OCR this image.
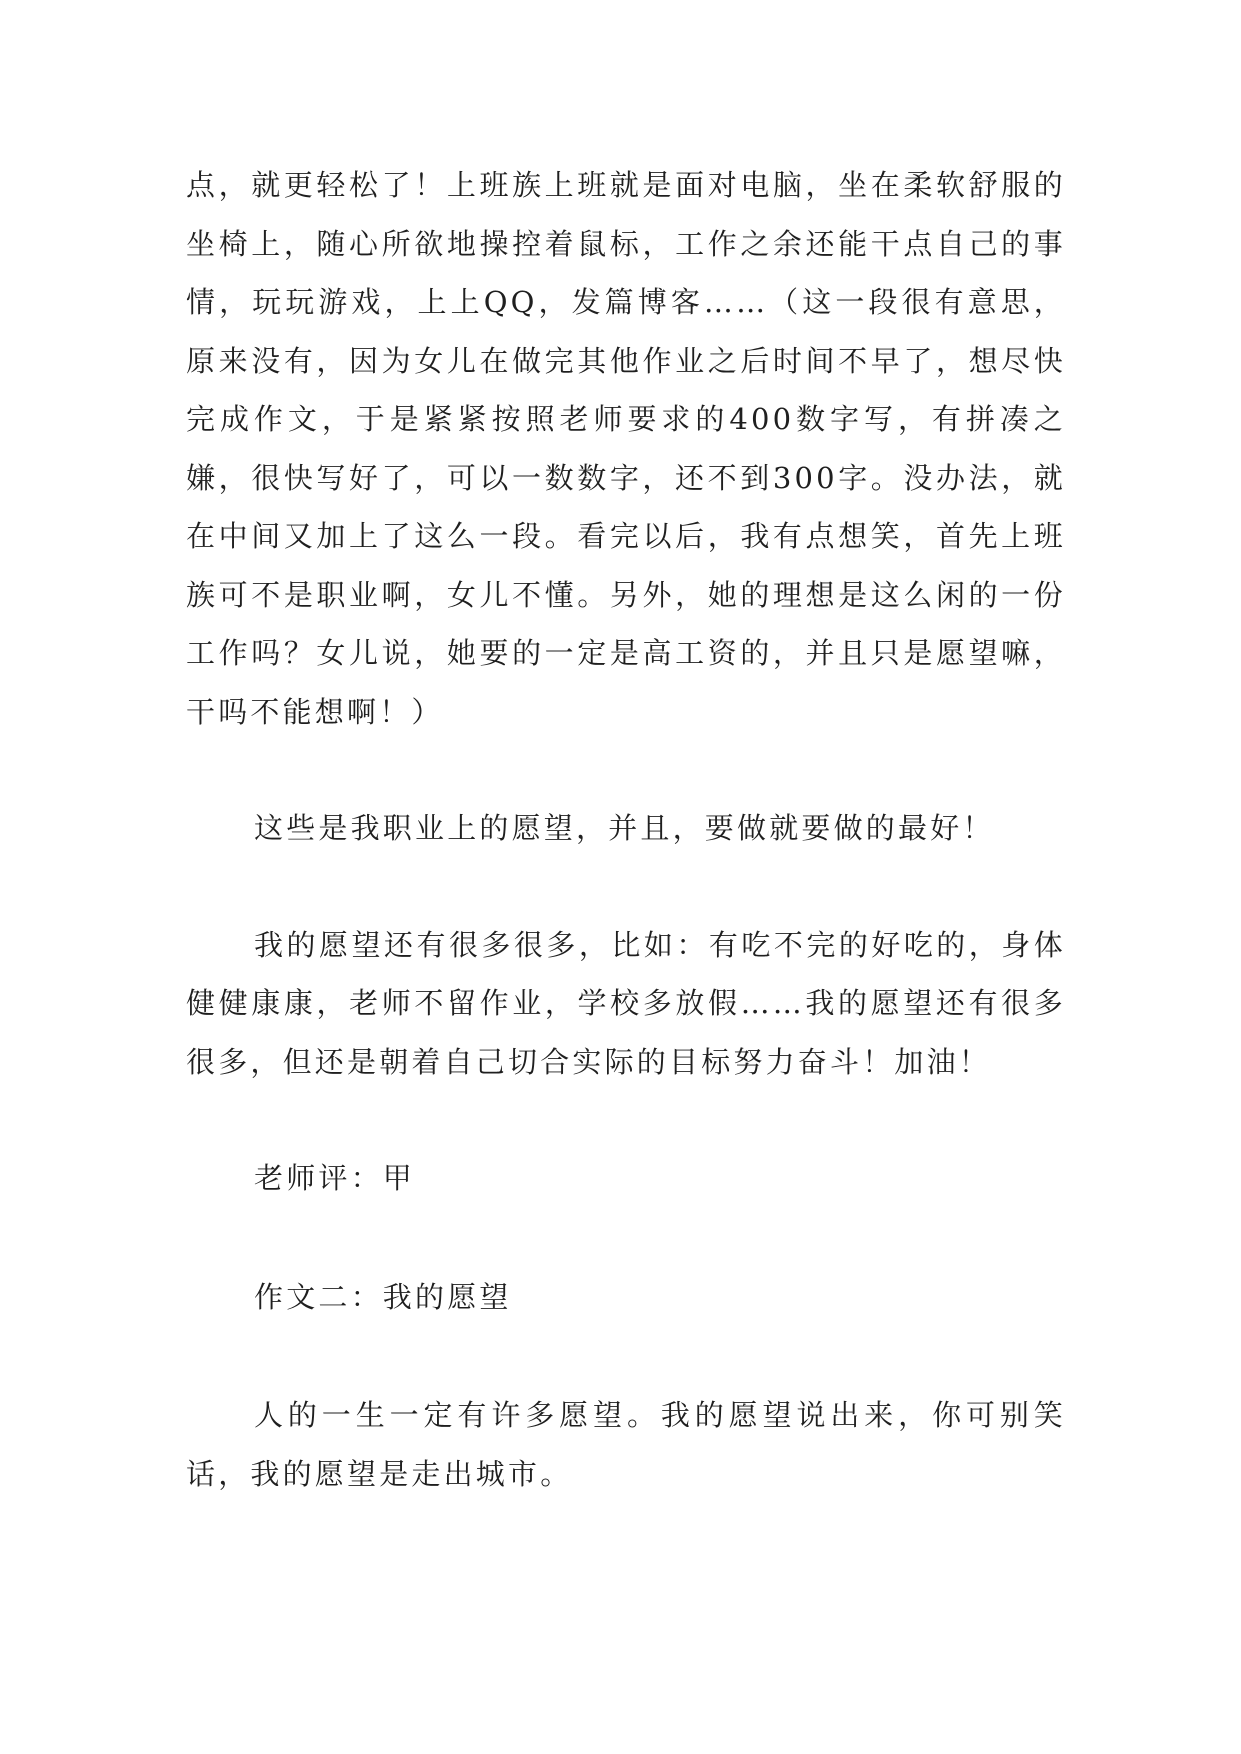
点，就更轻松了！上班族上班就是面对电脑，坐在柔软舒服的坐椅上，随心所欲地操控着鼠标，工作之余还能干点自己的事情，玩玩游戏，上上QQ，发篇博客……（这一段很有意思，原来没有，因为女儿在做完其他作业之后时间不早了，想尽快完成作文，于是紧紧按照老师要求的400数字写，有拼凑之嫌，很快写好了，可以一数数字，还不到300字。没办法，就在中间又加上了这么一段。看完以后，我有点想笑，首先上班族可不是职业啊，女儿不懂。另外，她的理想是这么闲的一份工作吗？女儿说，她要的一定是高工资的，并且只是愿望嘛，干吗不能想啊！）

这些是我职业上的愿望，并且，要做就要做的最好！

我的愿望还有很多很多，比如：有吃不完的好吃的，身体健健康康，老师不留作业，学校多放假……我的愿望还有很多很多，但还是朝着自己切合实际的目标努力奋斗！加油！

老师评：甲

作文二：我的愿望

人的一生一定有许多愿望。我的愿望说出来，你可别笑话，我的愿望是走出城市。
